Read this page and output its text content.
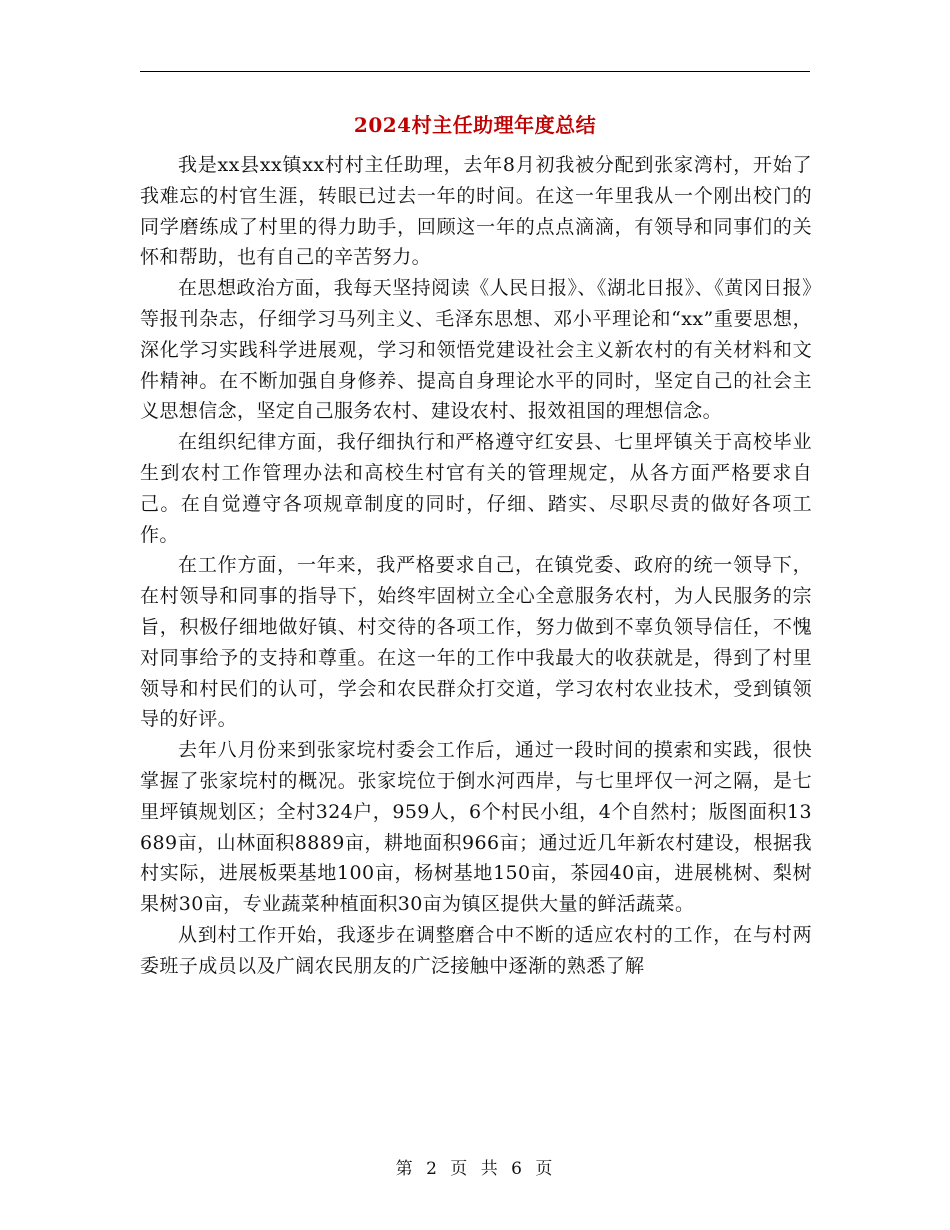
2024村主任助理年度总结

我是xx县xx镇xx村村主任助理，去年8月初我被分配到张家湾村，开始了我难忘的村官生涯，转眼已过去一年的时间。在这一年里我从一个刚出校门的同学磨练成了村里的得力助手，回顾这一年的点点滴滴，有领导和同事们的关怀和帮助，也有自己的辛苦努力。

在思想政治方面，我每天坚持阅读《人民日报》、《湖北日报》、《黄冈日报》等报刊杂志，仔细学习马列主义、毛泽东思想、邓小平理论和“xx”重要思想，深化学习实践科学进展观，学习和领悟党建设社会主义新农村的有关材料和文件精神。在不断加强自身修养、提高自身理论水平的同时，坚定自己的社会主义思想信念，坚定自己服务农村、建设农村、报效祖国的理想信念。

在组织纪律方面，我仔细执行和严格遵守红安县、七里坪镇关于高校毕业生到农村工作管理办法和高校生村官有关的管理规定，从各方面严格要求自己。在自觉遵守各项规章制度的同时，仔细、踏实、尽职尽责的做好各项工作。

在工作方面，一年来，我严格要求自己，在镇党委、政府的统一领导下，在村领导和同事的指导下，始终牢固树立全心全意服务农村，为人民服务的宗旨，积极仔细地做好镇、村交待的各项工作，努力做到不辜负领导信任，不愧对同事给予的支持和尊重。在这一年的工作中我最大的收获就是，得到了村里领导和村民们的认可，学会和农民群众打交道，学习农村农业技术，受到镇领导的好评。

去年八月份来到张家垸村委会工作后，通过一段时间的摸索和实践，很快掌握了张家垸村的概况。张家垸位于倒水河西岸，与七里坪仅一河之隔，是七里坪镇规划区；全村324户，959人，6个村民小组，4个自然村；版图面积13689亩，山林面积8889亩，耕地面积966亩；通过近几年新农村建设，根据我村实际，进展板栗基地100亩，杨树基地150亩，茶园40亩，进展桃树、梨树果树30亩，专业蔬菜种植面积30亩为镇区提供大量的鲜活蔬菜。

从到村工作开始，我逐步在调整磨合中不断的适应农村的工作，在与村两委班子成员以及广阔农民朋友的广泛接触中逐渐的熟悉了解

第 2 页 共 6 页
